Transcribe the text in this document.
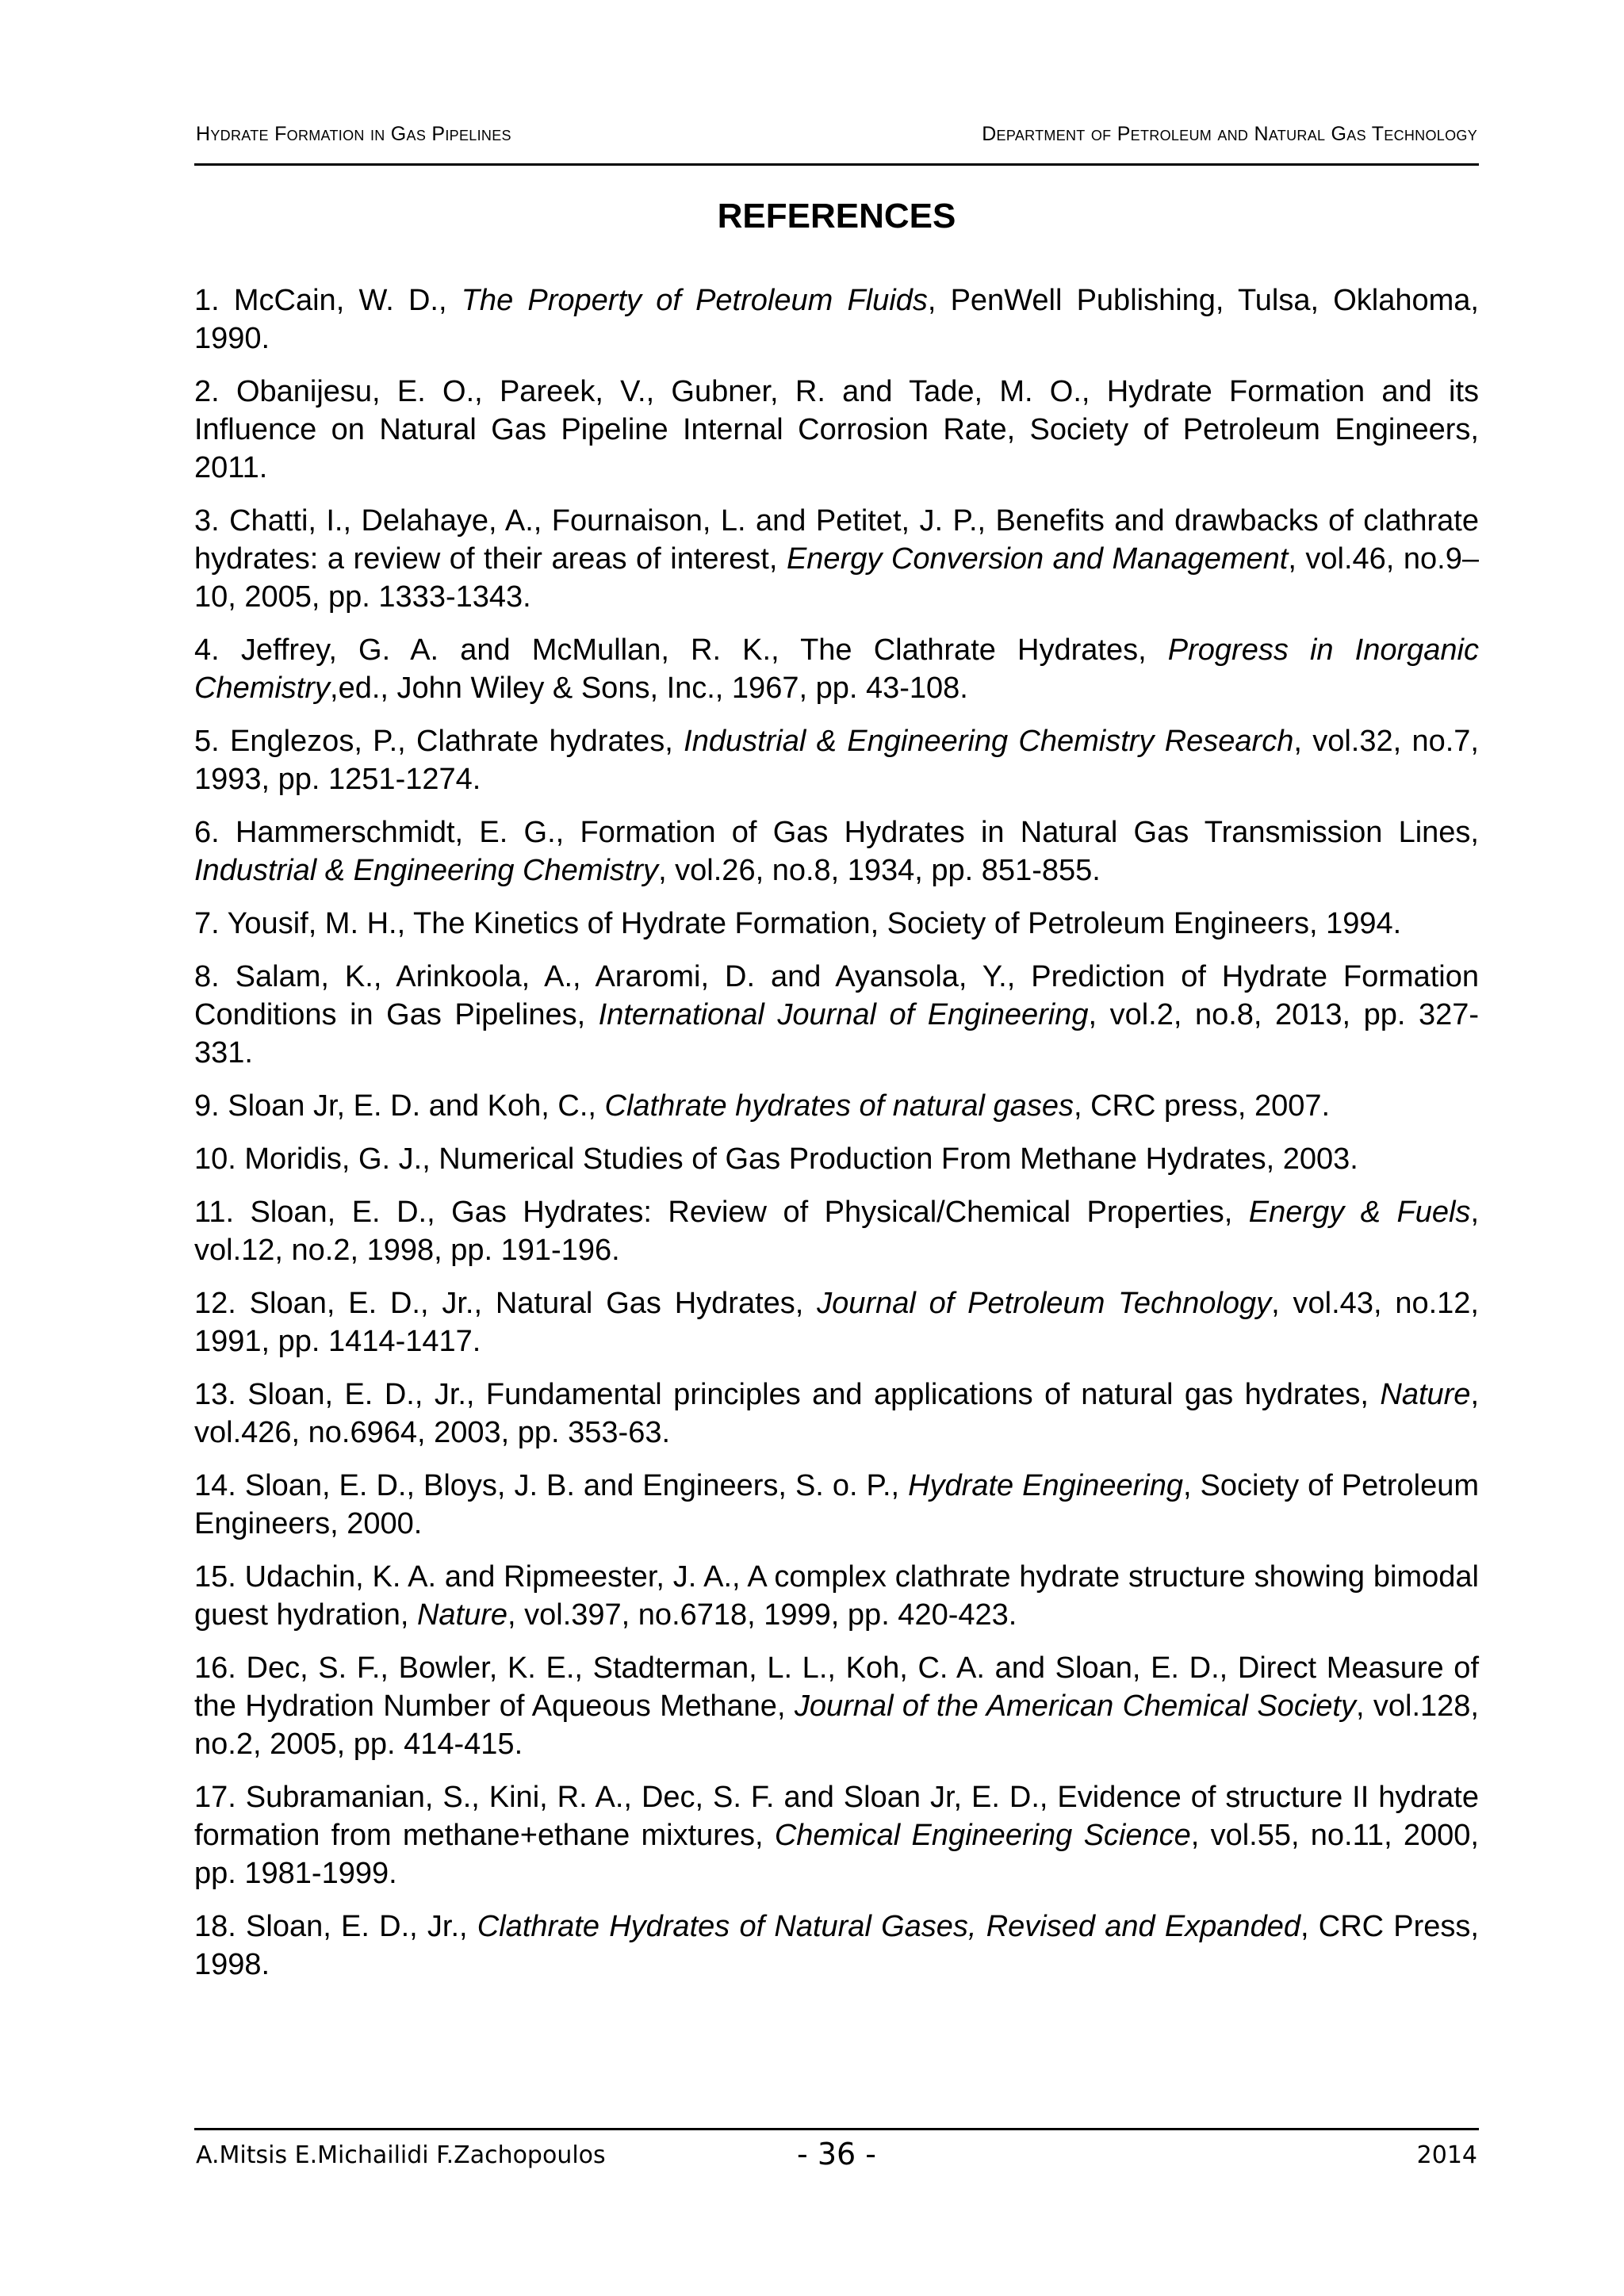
Hydrate Formation in Gas Pipelines	Department of Petroleum and Natural Gas Technology
REFERENCES

1. McCain, W. D., The Property of Petroleum Fluids, PenWell Publishing, Tulsa, Oklahoma, 1990.

2. Obanijesu, E. O., Pareek, V., Gubner, R. and Tade, M. O., Hydrate Formation and its Influence on Natural Gas Pipeline Internal Corrosion Rate, Society of Petroleum Engineers, 2011.

3. Chatti, I., Delahaye, A., Fournaison, L. and Petitet, J. P., Benefits and drawbacks of clathrate hydrates: a review of their areas of interest, Energy Conversion and Management, vol.46, no.9–10, 2005, pp. 1333-1343.

4. Jeffrey, G. A. and McMullan, R. K., The Clathrate Hydrates, Progress in Inorganic Chemistry,ed., John Wiley & Sons, Inc., 1967, pp. 43-108.

5. Englezos, P., Clathrate hydrates, Industrial & Engineering Chemistry Research, vol.32, no.7, 1993, pp. 1251-1274.

6. Hammerschmidt, E. G., Formation of Gas Hydrates in Natural Gas Transmission Lines, Industrial & Engineering Chemistry, vol.26, no.8, 1934, pp. 851-855.

7. Yousif, M. H., The Kinetics of Hydrate Formation, Society of Petroleum Engineers, 1994.

8. Salam, K., Arinkoola, A., Araromi, D. and Ayansola, Y., Prediction of Hydrate Formation Conditions in Gas Pipelines, International Journal of Engineering, vol.2, no.8, 2013, pp. 327-331.

9. Sloan Jr, E. D. and Koh, C., Clathrate hydrates of natural gases, CRC press, 2007.

10. Moridis, G. J., Numerical Studies of Gas Production From Methane Hydrates, 2003.

11. Sloan, E. D., Gas Hydrates: Review of Physical/Chemical Properties, Energy & Fuels, vol.12, no.2, 1998, pp. 191-196.

12. Sloan, E. D., Jr., Natural Gas Hydrates, Journal of Petroleum Technology, vol.43, no.12, 1991, pp. 1414-1417.

13. Sloan, E. D., Jr., Fundamental principles and applications of natural gas hydrates, Nature, vol.426, no.6964, 2003, pp. 353-63.

14. Sloan, E. D., Bloys, J. B. and Engineers, S. o. P., Hydrate Engineering, Society of Petroleum Engineers, 2000.

15. Udachin, K. A. and Ripmeester, J. A., A complex clathrate hydrate structure showing bimodal guest hydration, Nature, vol.397, no.6718, 1999, pp. 420-423.

16. Dec, S. F., Bowler, K. E., Stadterman, L. L., Koh, C. A. and Sloan, E. D., Direct Measure of the Hydration Number of Aqueous Methane, Journal of the American Chemical Society, vol.128, no.2, 2005, pp. 414-415.

17. Subramanian, S., Kini, R. A., Dec, S. F. and Sloan Jr, E. D., Evidence of structure II hydrate formation from methane+ethane mixtures, Chemical Engineering Science, vol.55, no.11, 2000, pp. 1981-1999.

18. Sloan, E. D., Jr., Clathrate Hydrates of Natural Gases, Revised and Expanded, CRC Press, 1998.

A.Mitsis E.Michailidi F.Zachopoulos	- 36 -	2014
